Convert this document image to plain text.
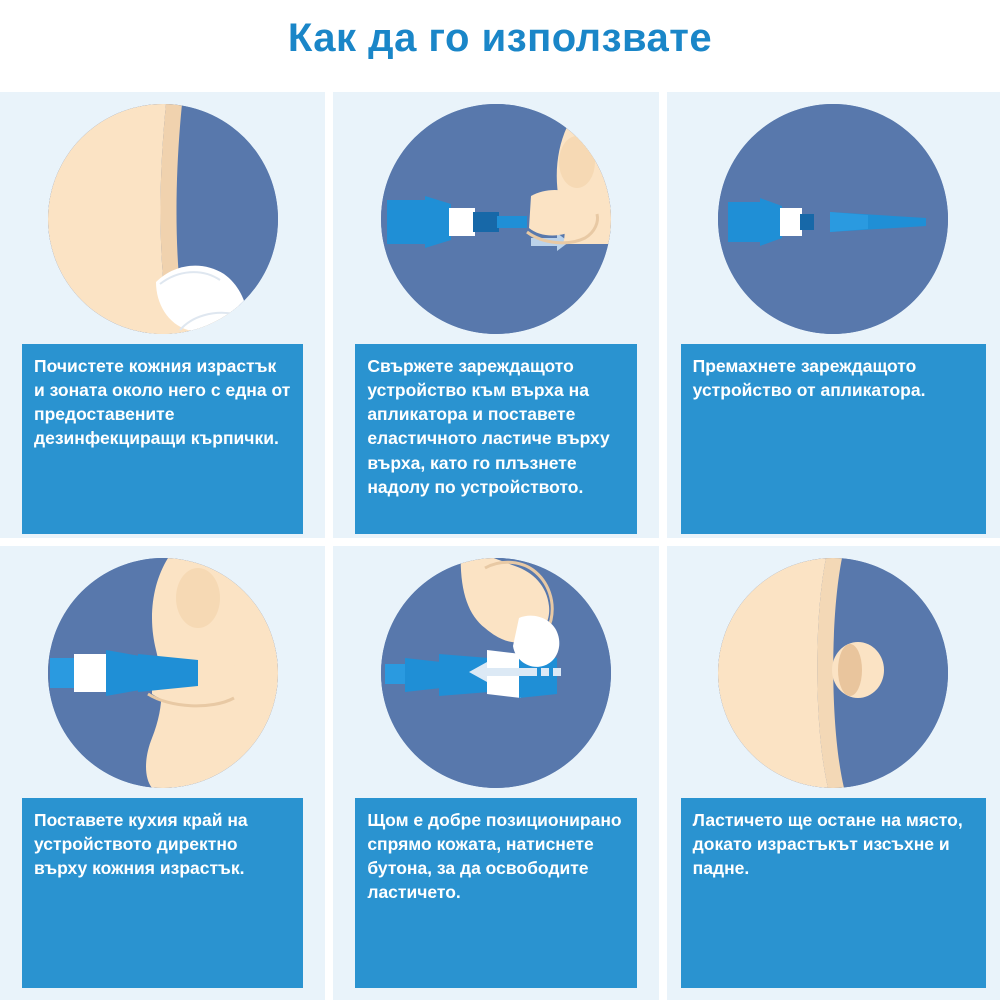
Как да го използвате
Почистете кожния израстък и зоната около него с една от предоставените дезинфекциращи кърпички.
Свържете зареждащото устройство към върха на апликатора и поставете еластичното ластиче върху върха, като го плъзнете надолу по устройството.
Премахнете зареждащото устройство от апликатора.
Поставете кухия край на устройството директно върху кожния израстък.
Щом е добре позиционирано спрямо кожата, натиснете бутона, за да освободите ластичето.
Ластичето ще остане на място, докато израстъкът изсъхне и падне.
